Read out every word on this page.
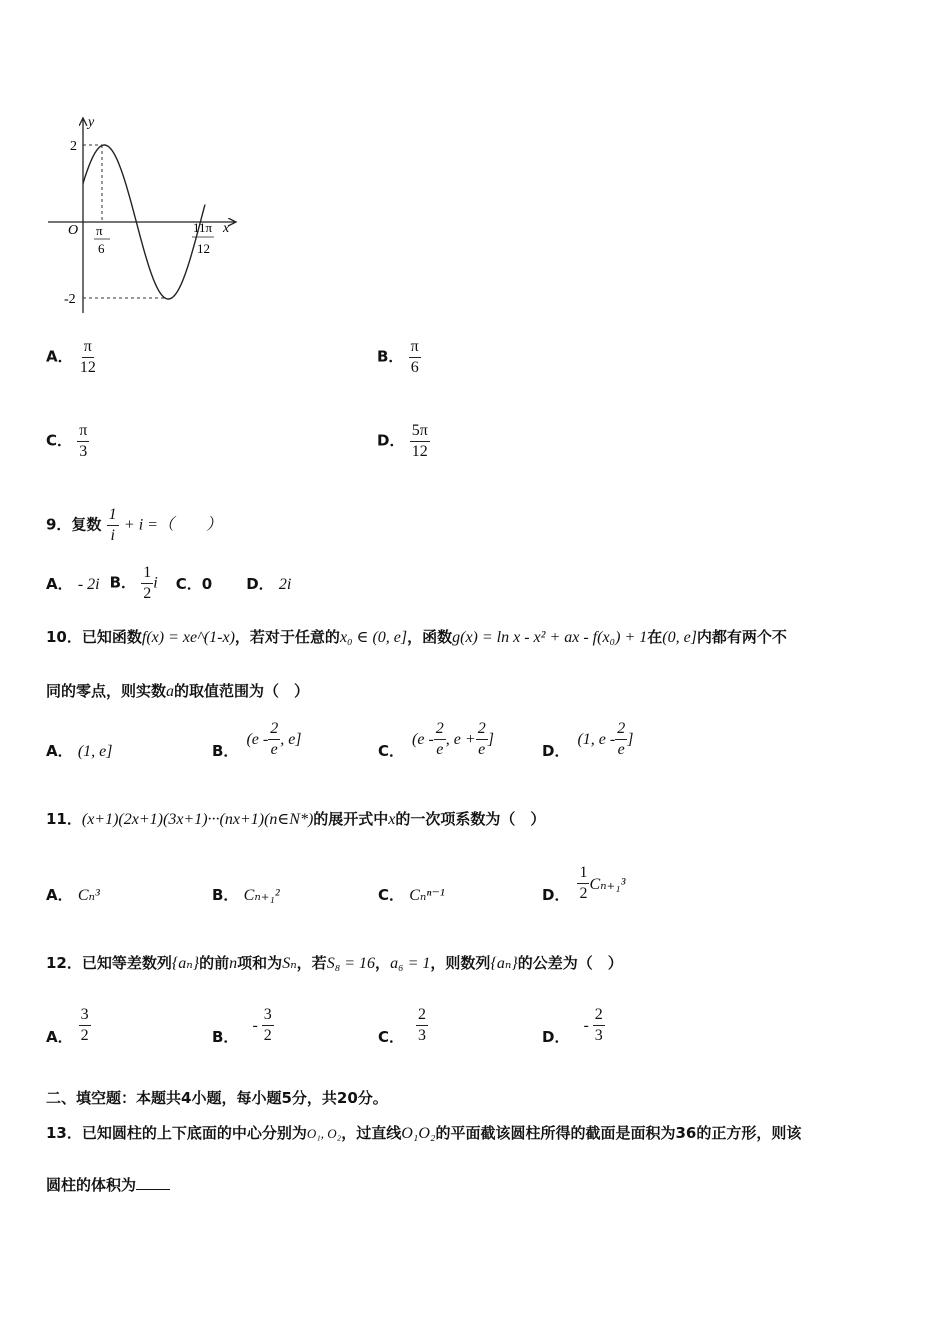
y
x
O
2
-2
π
6
11π
12
A． $\frac{\pi}{12}$	B． $\frac{\pi}{6}$
C． $\frac{\pi}{3}$	D． $\frac{5\pi}{12}$
9．复数 $\frac{1}{i} + i$ =（　　）
A． - 2i B． $\frac{1}{2}$ i C．0 D． 2i
10．已知函数f(x) = xe^(1-x)，若对于任意的x₀ ∈ (0, e]，函数g(x) = ln x - x² + ax - f(x₀) + 1在(0, e]内都有两个不
同的零点，则实数a的取值范围为（　）
A． (1, e]	B．
($e - \frac{2}{e}$ , e]
C．
($e - \frac{2}{e}$ , $e + \frac{2}{e}$ ]
D．
(1, e - $\frac{2}{e}$ ]
11．(x+1)(2x+1)(3x+1)···(nx+1)(n∈N*)的展开式中x的一次项系数为（　）
A． Cₙ³	B． Cₙ₊₁²	C． Cₙⁿ⁻¹	D． $\frac{1}{2} C_{n+1}^3$
12．已知等差数列{aₙ}的前n项和为Sₙ，若S₈ = 16，a₆ = 1，则数列{aₙ}的公差为（　）
A． $\frac{3}{2}$	B．
- $\frac{3}{2}$	C． $\frac{2}{3}$	D．
- $\frac{2}{3}$
二、填空题：本题共4小题，每小题5分，共20分。
13．已知圆柱的上下底面的中心分别为O₁, O₂，过直线O₁O₂的平面截该圆柱所得的截面是面积为36的正方形，则该
圆柱的体积为
